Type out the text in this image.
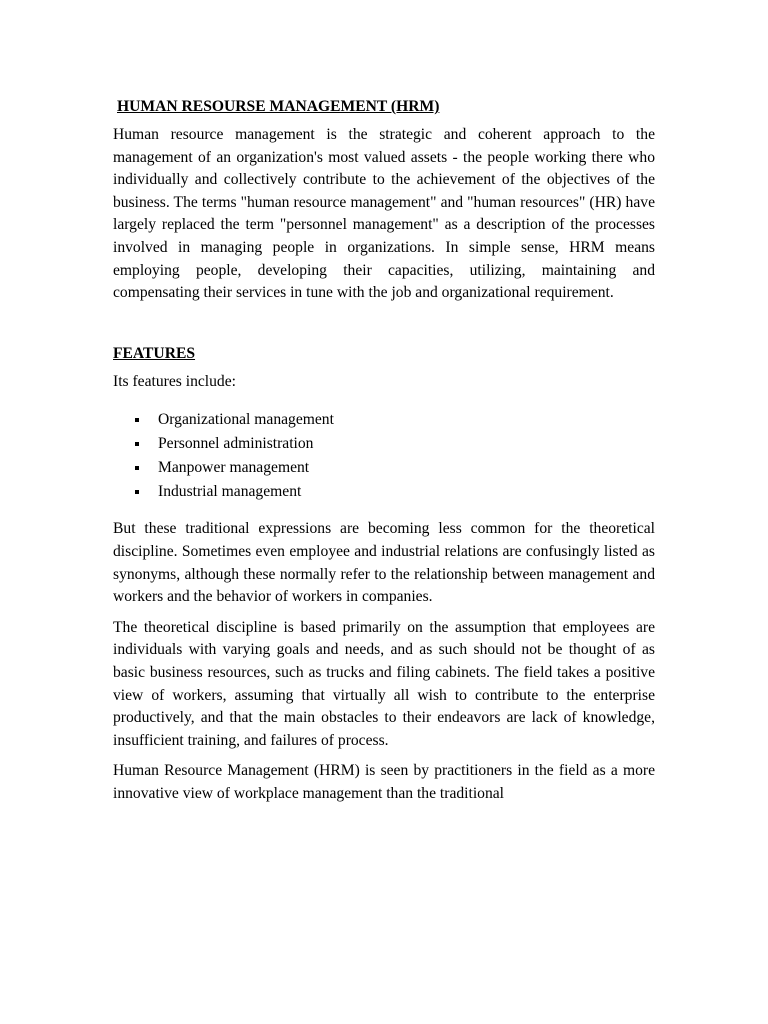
HUMAN RESOURSE MANAGEMENT (HRM)

Human resource management is the strategic and coherent approach to the management of an organization's most valued assets - the people working there who individually and collectively contribute to the achievement of the objectives of the business. The terms "human resource management" and "human resources" (HR) have largely replaced the term "personnel management" as a description of the processes involved in managing people in organizations. In simple sense, HRM means employing people, developing their capacities, utilizing, maintaining and compensating their services in tune with the job and organizational requirement.

FEATURES

Its features include:

Organizational management
Personnel administration
Manpower management
Industrial management

But these traditional expressions are becoming less common for the theoretical discipline. Sometimes even employee and industrial relations are confusingly listed as synonyms, although these normally refer to the relationship between management and workers and the behavior of workers in companies.

The theoretical discipline is based primarily on the assumption that employees are individuals with varying goals and needs, and as such should not be thought of as basic business resources, such as trucks and filing cabinets. The field takes a positive view of workers, assuming that virtually all wish to contribute to the enterprise productively, and that the main obstacles to their endeavors are lack of knowledge, insufficient training, and failures of process.

Human Resource Management (HRM) is seen by practitioners in the field as a more innovative view of workplace management than the traditional
